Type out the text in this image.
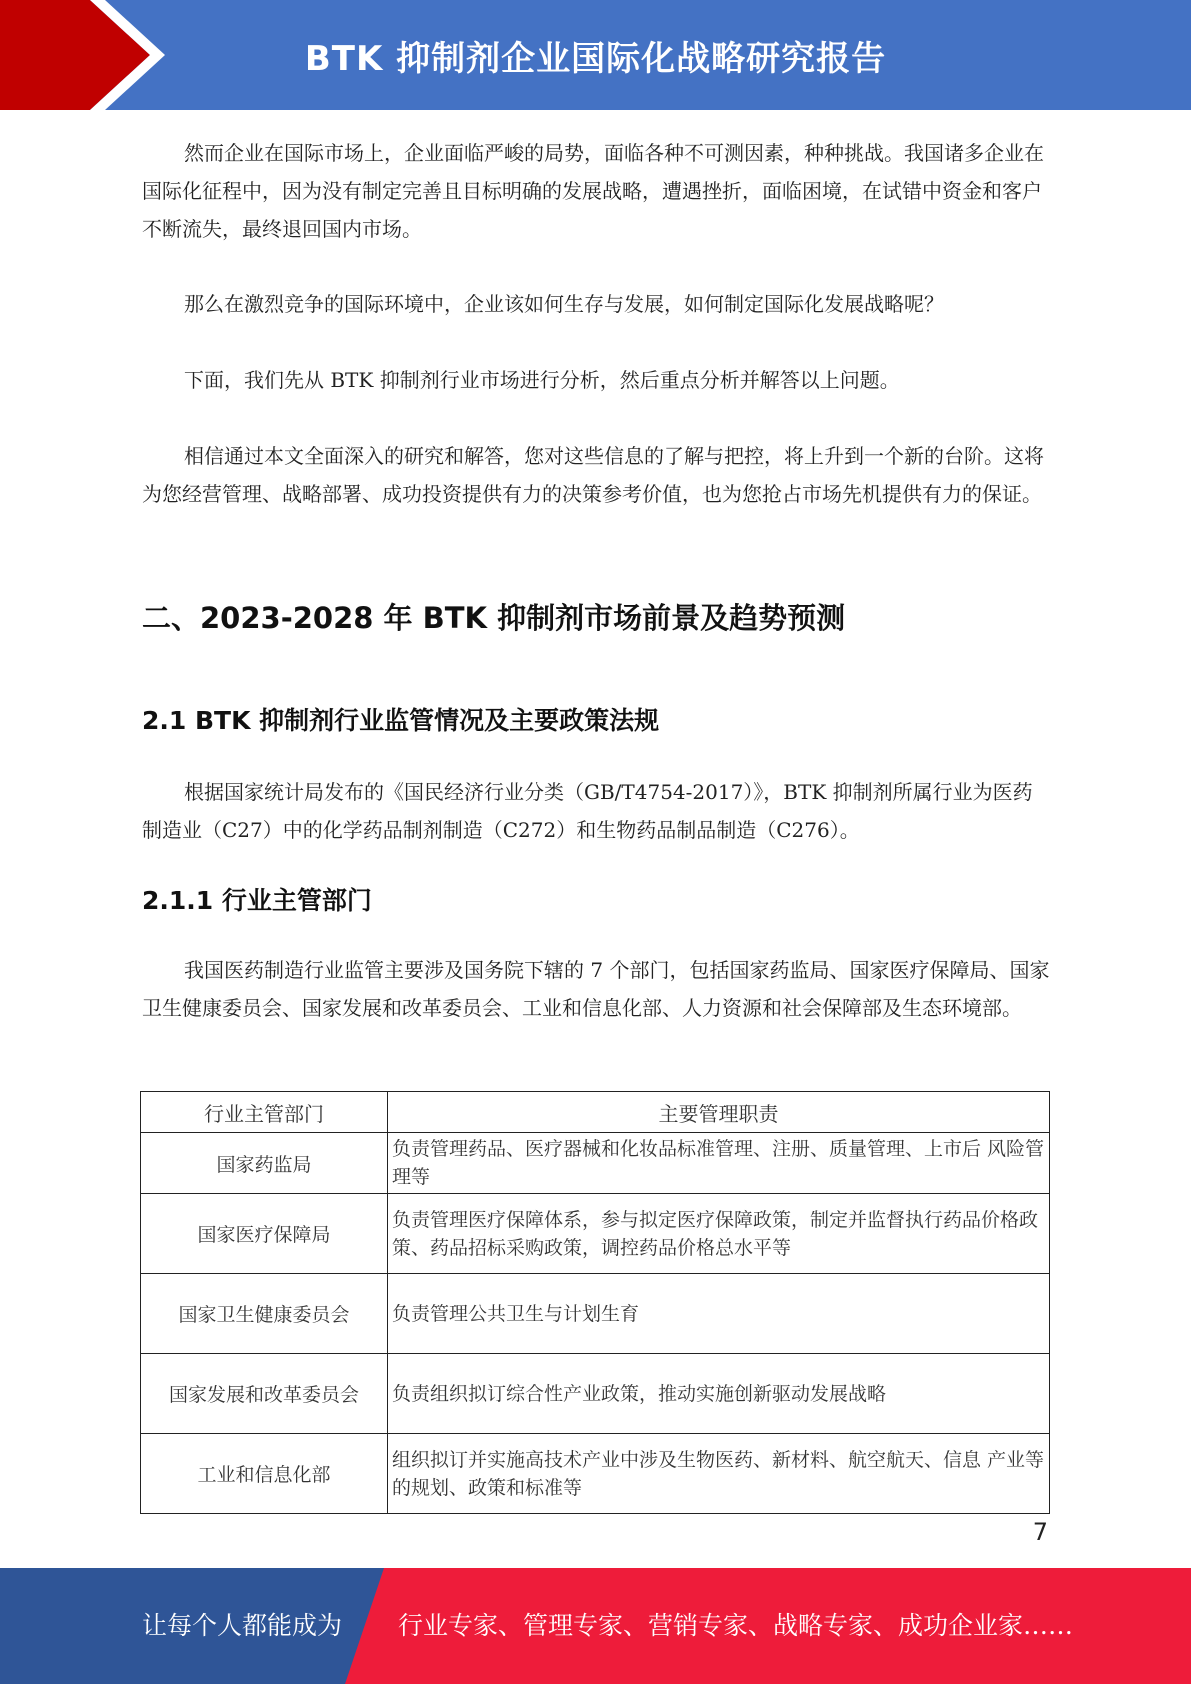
BTK 抑制剂企业国际化战略研究报告

然而企业在国际市场上，企业面临严峻的局势，面临各种不可测因素，种种挑战。我国诸多企业在国际化征程中，因为没有制定完善且目标明确的发展战略，遭遇挫折，面临困境，在试错中资金和客户不断流失，最终退回国内市场。

那么在激烈竞争的国际环境中，企业该如何生存与发展，如何制定国际化发展战略呢？

下面，我们先从 BTK 抑制剂行业市场进行分析，然后重点分析并解答以上问题。

相信通过本文全面深入的研究和解答，您对这些信息的了解与把控，将上升到一个新的台阶。这将为您经营管理、战略部署、成功投资提供有力的决策参考价值，也为您抢占市场先机提供有力的保证。

二、2023-2028 年 BTK 抑制剂市场前景及趋势预测
2.1 BTK 抑制剂行业监管情况及主要政策法规

根据国家统计局发布的《国民经济行业分类（GB/T4754-2017）》，BTK 抑制剂所属行业为医药制造业（C27）中的化学药品制剂制造（C272）和生物药品制品制造（C276）。

2.1.1 行业主管部门

我国医药制造行业监管主要涉及国务院下辖的 7 个部门，包括国家药监局、国家医疗保障局、国家卫生健康委员会、国家发展和改革委员会、工业和信息化部、人力资源和社会保障部及生态环境部。

行业主管部门	主要管理职责
国家药监局	负责管理药品、医疗器械和化妆品标准管理、注册、质量管理、上市后 风险管理等
国家医疗保障局	负责管理医疗保障体系，参与拟定医疗保障政策，制定并监督执行药品价格政策、药品招标采购政策，调控药品价格总水平等
国家卫生健康委员会	负责管理公共卫生与计划生育
国家发展和改革委员会	负责组织拟订综合性产业政策，推动实施创新驱动发展战略
工业和信息化部	组织拟订并实施高技术产业中涉及生物医药、新材料、航空航天、信息 产业等的规划、政策和标准等
7
让每个人都能成为 行业专家、管理专家、营销专家、战略专家、成功企业家……
